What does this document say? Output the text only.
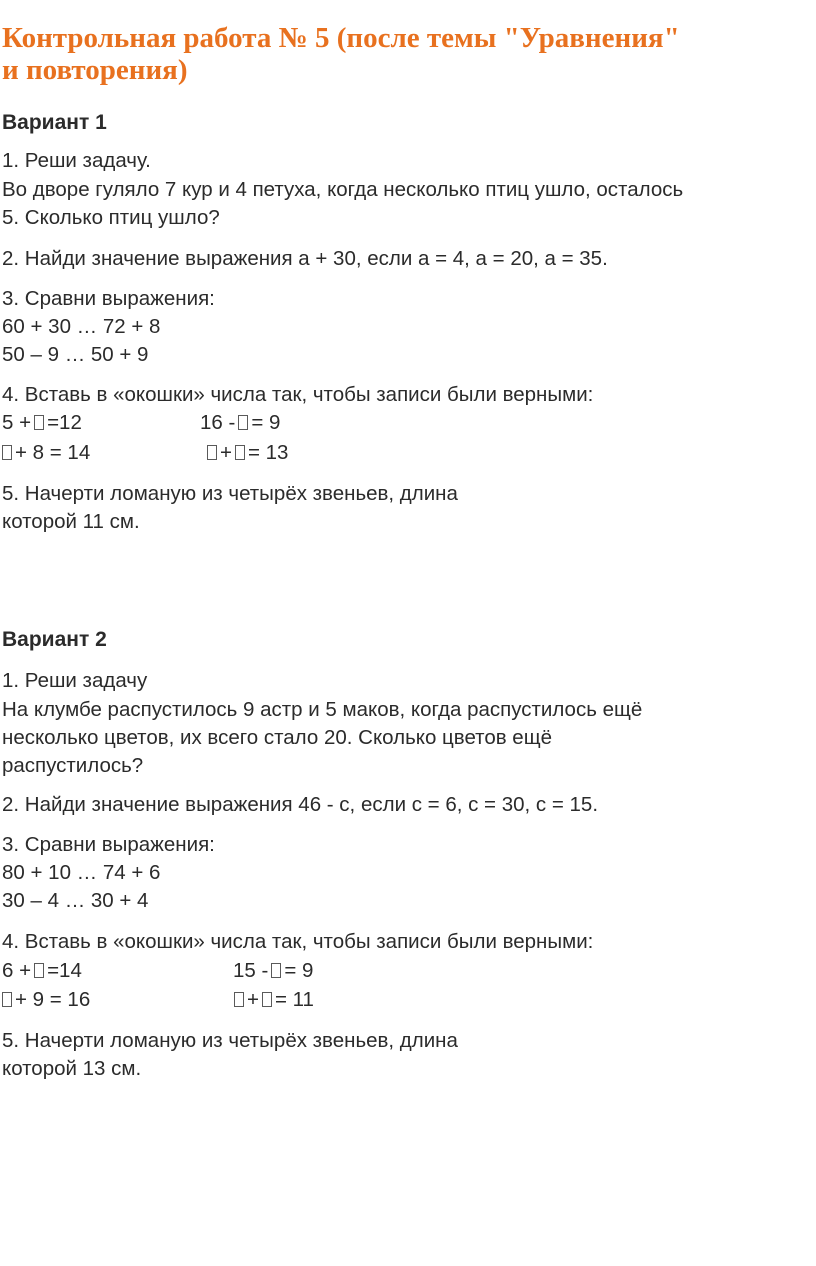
Контрольная работа № 5 (после темы "Уравнения"
и повторения)
Вариант 1

1. Реши задачу.

Во дворе гуляло 7 кур и 4 петуха, когда несколько птиц ушло, осталось

5. Сколько птиц ушло?

2. Найди значение выражения а + 30, если а = 4, а = 20, а = 35.

3. Сравни выражения:

60 + 30 … 72 + 8

50 – 9 … 50 + 9

4. Вставь в «окошки» числа так, чтобы записи были верными:

5 + =12	16 - = 9

+ 8 = 14	+ = 13

5. Начерти ломаную из четырёх звеньев, длина

которой 11 см.

Вариант 2

1. Реши задачу

На клумбе распустилось 9 астр и 5 маков, когда распустилось ещё

несколько цветов, их всего стало 20. Сколько цветов ещё

распустилось?

2. Найди значение выражения 46 - с, если с = 6, с = 30, с = 15.

3. Сравни выражения:

80 + 10 … 74 + 6

30 – 4 … 30 + 4

4. Вставь в «окошки» числа так, чтобы записи были верными:

6 + =14	15 - = 9

+ 9 = 16	+ = 11

5. Начерти ломаную из четырёх звеньев, длина

которой 13 см.
